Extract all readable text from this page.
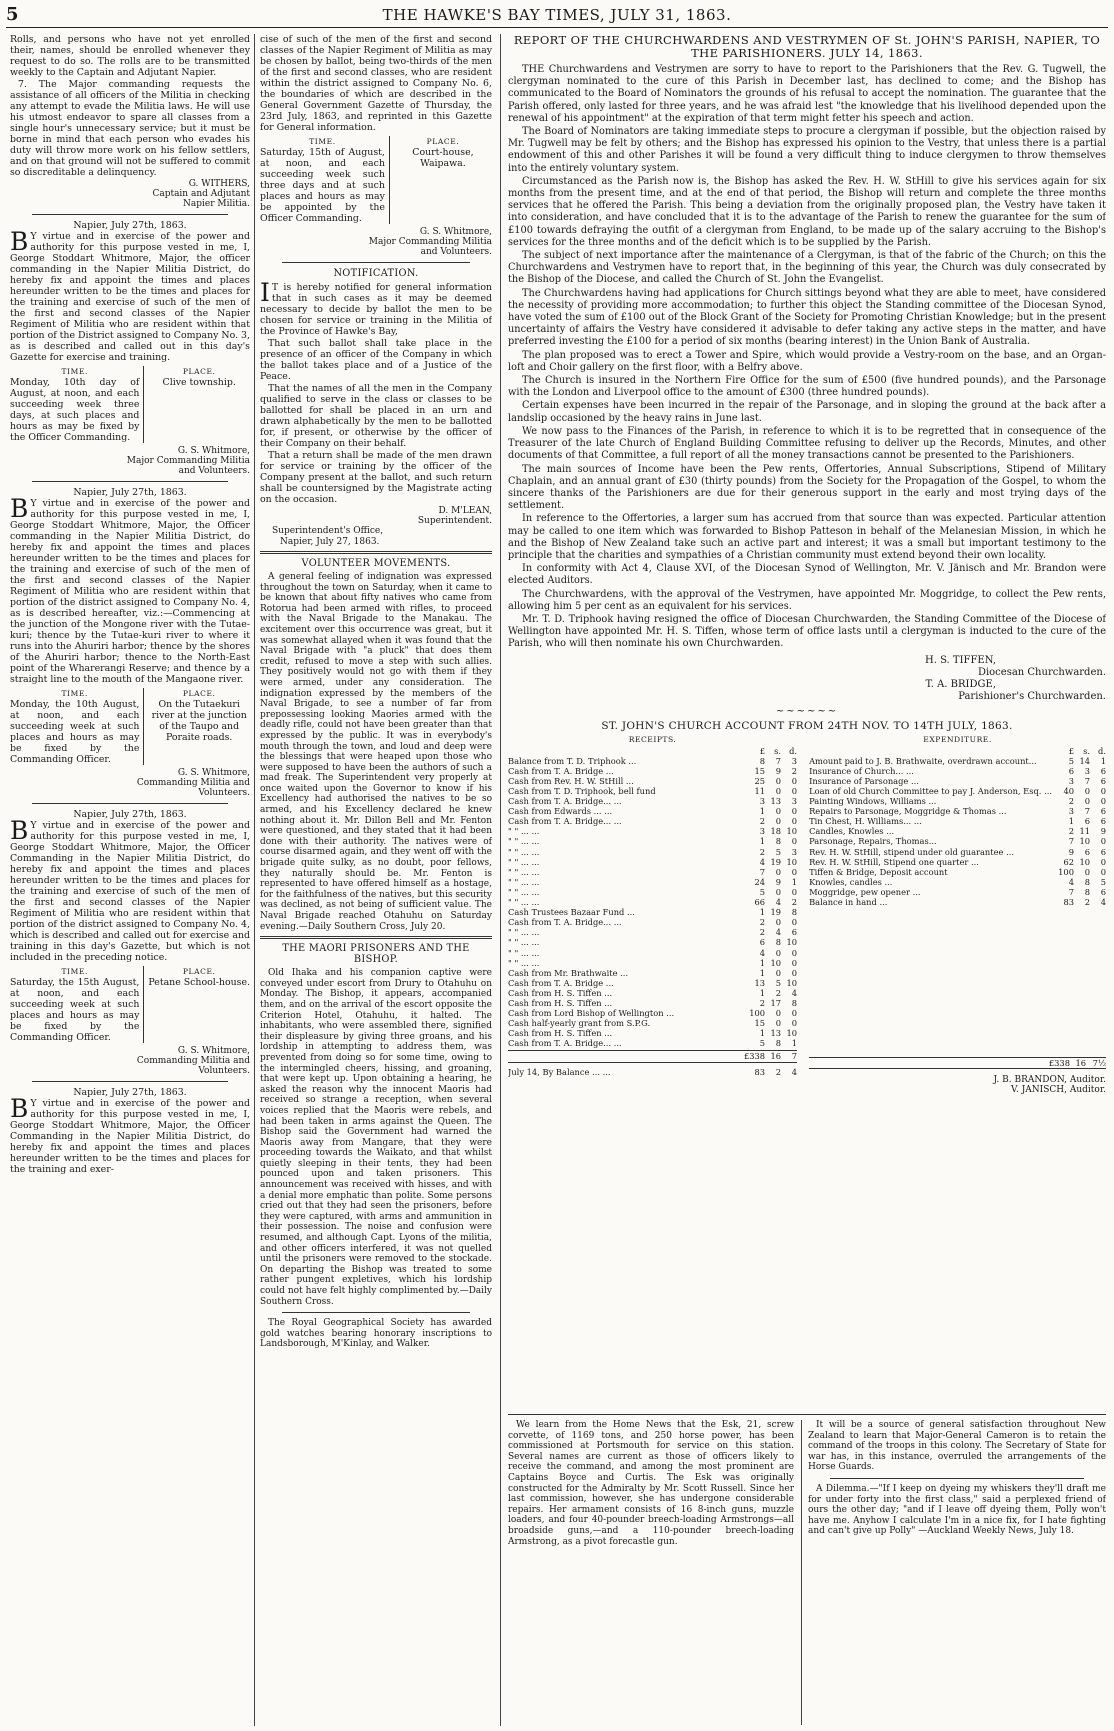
5	THE HAWKE'S BAY TIMES, JULY 31, 1863.

Rolls, and persons who have not yet enrolled their, names, should be enrolled whenever they request to do so. The rolls are to be transmitted weekly to the Captain and Adjutant Napier.

7. The Major commanding requests the assistance of all officers of the Militia in checking any attempt to evade the Militia laws. He will use his utmost endeavor to spare all classes from a single hour's unnecessary service; but it must be borne in mind that each person who evades his duty will throw more work on his fellow settlers, and on that ground will not be suffered to commit so discreditable a delinquency.

G. WITHERS,
Captain and Adjutant
Napier Militia.
Napier, July 27th, 1863.

B Y virtue and in exercise of the power and authority for this purpose vested in me, I, George Stoddart Whitmore, Major, the officer commanding in the Napier Militia District, do hereby fix and appoint the times and places hereunder written to be the times and places for the training and exercise of such of the men of the first and second classes of the Napier Regiment of Militia who are resident within that portion of the District assigned to Company No. 3, as is described and called out in this day's Gazette for exercise and training.

TIME.
Monday, 10th day of August, at noon, and each succeeding week three days, at such places and hours as may be fixed by the Officer Commanding.
PLACE.
Clive township.
G. S. Whitmore,
Major Commanding Militia
and Volunteers.
Napier, July 27th, 1863.

B Y virtue and in exercise of the power and authority for this purpose vested in me, I, George Stoddart Whitmore, Major, the Officer commanding in the Napier Militia District, do hereby fix and appoint the times and places hereunder written to be the times and places for the training and exercise of such of the men of the first and second classes of the Napier Regiment of Militia who are resident within that portion of the district assigned to Company No. 4, as is described hereafter, viz.:—Commencing at the junction of the Mongone river with the Tutae-kuri; thence by the Tutae-kuri river to where it runs into the Ahuriri harbor; thence by the shores of the Ahuriri harbor; thence to the North-East point of the Wharerangi Reserve; and thence by a straight line to the mouth of the Mangaone river.

TIME.
Monday, the 10th August, at noon, and each succeeding week at such places and hours as may be fixed by the Commanding Officer.
PLACE.
On the Tutaekuri river at the junction of the Taupo and Poraite roads.
G. S. Whitmore,
Commanding Militia and
Volunteers.
Napier, July 27th, 1863.

B Y virtue and in exercise of the power and authority for this purpose vested in me, I, George Stoddart Whitmore, Major, the Officer Commanding in the Napier Militia District, do hereby fix and appoint the times and places hereunder written to be the times and places for the training and exercise of such of the men of the first and second classes of the Napier Regiment of Militia who are resident within that portion of the district assigned to Company No. 4, which is described and called out for exercise and training in this day's Gazette, but which is not included in the preceding notice.

TIME.
Saturday, the 15th August, at noon, and each succeeding week at such places and hours as may be fixed by the Commanding Officer.
PLACE.
Petane School-house.
G. S. Whitmore,
Commanding Militia and
Volunteers.
Napier, July 27th, 1863.

B Y virtue and in exercise of the power and authority for this purpose vested in me, I, George Stoddart Whitmore, Major, the Officer Commanding in the Napier Militia District, do hereby fix and appoint the times and places hereunder written to be the times and places for the training and exer-

cise of such of the men of the first and second classes of the Napier Regiment of Militia as may be chosen by ballot, being two-thirds of the men of the first and second classes, who are resident within the district assigned to Company No. 6, the boundaries of which are described in the General Government Gazette of Thursday, the 23rd July, 1863, and reprinted in this Gazette for General information.

TIME.
Saturday, 15th of August, at noon, and each succeeding week such three days and at such places and hours as may be appointed by the Officer Commanding.
PLACE.
Court-house, Waipawa.
G. S. Whitmore,
Major Commanding Militia
and Volunteers.
NOTIFICATION.

I T is hereby notified for general information that in such cases as it may be deemed necessary to decide by ballot the men to be chosen for service or training in the Militia of the Province of Hawke's Bay,

That such ballot shall take place in the presence of an officer of the Company in which the ballot takes place and of a Justice of the Peace.

That the names of all the men in the Company qualified to serve in the class or classes to be ballotted for shall be placed in an urn and drawn alphabetically by the men to be ballotted for, if present, or otherwise by the officer of their Company on their behalf.

That a return shall be made of the men drawn for service or training by the officer of the Company present at the ballot, and such return shall be countersigned by the Magistrate acting on the occasion.

D. M'LEAN,
Superintendent.
Superintendent's Office,
Napier, July 27, 1863.
VOLUNTEER MOVEMENTS.

A general feeling of indignation was expressed throughout the town on Saturday, when it came to be known that about fifty natives who came from Rotorua had been armed with rifles, to proceed with the Naval Brigade to the Manakau. The excitement over this occurrence was great, but it was somewhat allayed when it was found that the Naval Brigade with "a pluck" that does them credit, refused to move a step with such allies. They positively would not go with them if they were armed, under any consideration. The indignation expressed by the members of the Naval Brigade, to see a number of far from prepossessing looking Maories armed with the deadly rifle, could not have been greater than that expressed by the public. It was in everybody's mouth through the town, and loud and deep were the blessings that were heaped upon those who were supposed to have been the authors of such a mad freak. The Superintendent very properly at once waited upon the Governor to know if his Excellency had authorised the natives to be so armed, and his Excellency declared he knew nothing about it. Mr. Dillon Bell and Mr. Fenton were questioned, and they stated that it had been done with their authority. The natives were of course disarmed again, and they went off with the brigade quite sulky, as no doubt, poor fellows, they naturally should be. Mr. Fenton is represented to have offered himself as a hostage, for the faithfulness of the natives, but this security was declined, as not being of sufficient value. The Naval Brigade reached Otahuhu on Saturday evening.—Daily Southern Cross, July 20.

THE MAORI PRISONERS AND THE BISHOP.

Old Ihaka and his companion captive were conveyed under escort from Drury to Otahuhu on Monday. The Bishop, it appears, accompanied them, and on the arrival of the escort opposite the Criterion Hotel, Otahuhu, it halted. The inhabitants, who were assembled there, signified their displeasure by giving three groans, and his lordship in attempting to address them, was prevented from doing so for some time, owing to the intermingled cheers, hissing, and groaning, that were kept up. Upon obtaining a hearing, he asked the reason why the innocent Maoris had received so strange a reception, when several voices replied that the Maoris were rebels, and had been taken in arms against the Queen. The Bishop said the Government had warned the Maoris away from Mangare, that they were proceeding towards the Waikato, and that whilst quietly sleeping in their tents, they had been pounced upon and taken prisoners. This announcement was received with hisses, and with a denial more emphatic than polite. Some persons cried out that they had seen the prisoners, before they were captured, with arms and ammunition in their possession. The noise and confusion were resumed, and although Capt. Lyons of the militia, and other officers interfered, it was not quelled until the prisoners were removed to the stockade. On departing the Bishop was treated to some rather pungent expletives, which his lordship could not have felt highly complimented by.—Daily Southern Cross.

The Royal Geographical Society has awarded gold watches bearing honorary inscriptions to Landsborough, M'Kinlay, and Walker.

REPORT OF THE CHURCHWARDENS AND VESTRYMEN OF St. JOHN'S PARISH, NAPIER, TO THE PARISHIONERS. JULY 14, 1863.

THE Churchwardens and Vestrymen are sorry to have to report to the Parishioners that the Rev. G. Tugwell, the clergyman nominated to the cure of this Parish in December last, has declined to come; and the Bishop has communicated to the Board of Nominators the grounds of his refusal to accept the nomination. The guarantee that the Parish offered, only lasted for three years, and he was afraid lest "the knowledge that his livelihood depended upon the renewal of his appointment" at the expiration of that term might fetter his speech and action.

The Board of Nominators are taking immediate steps to procure a clergyman if possible, but the objection raised by Mr. Tugwell may be felt by others; and the Bishop has expressed his opinion to the Vestry, that unless there is a partial endowment of this and other Parishes it will be found a very difficult thing to induce clergymen to throw themselves into the entirely voluntary system.

Circumstanced as the Parish now is, the Bishop has asked the Rev. H. W. StHill to give his services again for six months from the present time, and at the end of that period, the Bishop will return and complete the three months services that he offered the Parish. This being a deviation from the originally proposed plan, the Vestry have taken it into consideration, and have concluded that it is to the advantage of the Parish to renew the guarantee for the sum of £100 towards defraying the outfit of a clergyman from England, to be made up of the salary accruing to the Bishop's services for the three months and of the deficit which is to be supplied by the Parish.

The subject of next importance after the maintenance of a Clergyman, is that of the fabric of the Church; on this the Churchwardens and Vestrymen have to report that, in the beginning of this year, the Church was duly consecrated by the Bishop of the Diocese, and called the Church of St. John the Evangelist.

The Churchwardens having had applications for Church sittings beyond what they are able to meet, have considered the necessity of providing more accommodation; to further this object the Standing committee of the Diocesan Synod, have voted the sum of £100 out of the Block Grant of the Society for Promoting Christian Knowledge; but in the present uncertainty of affairs the Vestry have considered it advisable to defer taking any active steps in the matter, and have preferred investing the £100 for a period of six months (bearing interest) in the Union Bank of Australia.

The plan proposed was to erect a Tower and Spire, which would provide a Vestry-room on the base, and an Organ-loft and Choir gallery on the first floor, with a Belfry above.

The Church is insured in the Northern Fire Office for the sum of £500 (five hundred pounds), and the Parsonage with the London and Liverpool office to the amount of £300 (three hundred pounds).

Certain expenses have been incurred in the repair of the Parsonage, and in sloping the ground at the back after a landslip occasioned by the heavy rains in June last.

We now pass to the Finances of the Parish, in reference to which it is to be regretted that in consequence of the Treasurer of the late Church of England Building Committee refusing to deliver up the Records, Minutes, and other documents of that Committee, a full report of all the money transactions cannot be presented to the Parishioners.

The main sources of Income have been the Pew rents, Offertories, Annual Subscriptions, Stipend of Military Chaplain, and an annual grant of £30 (thirty pounds) from the Society for the Propagation of the Gospel, to whom the sincere thanks of the Parishioners are due for their generous support in the early and most trying days of the settlement.

In reference to the Offertories, a larger sum has accrued from that source than was expected. Particular attention may be called to one item which was forwarded to Bishop Patteson in behalf of the Melanesian Mission, in which he and the Bishop of New Zealand take such an active part and interest; it was a small but important testimony to the principle that the charities and sympathies of a Christian community must extend beyond their own locality.

In conformity with Act 4, Clause XVI, of the Diocesan Synod of Wellington, Mr. V. Jänisch and Mr. Brandon were elected Auditors.

The Churchwardens, with the approval of the Vestrymen, have appointed Mr. Moggridge, to collect the Pew rents, allowing him 5 per cent as an equivalent for his services.

Mr. T. D. Triphook having resigned the office of Diocesan Churchwarden, the Standing Committee of the Diocese of Wellington have appointed Mr. H. S. Tiffen, whose term of office lasts until a clergyman is inducted to the cure of the Parish, who will then nominate his own Churchwarden.

H. S. TIFFEN,
Diocesan Churchwarden.
T. A. BRIDGE,
Parishioner's Churchwarden.
~~~~~~
ST. JOHN'S CHURCH ACCOUNT FROM 24TH NOV. TO 14TH JULY, 1863.
RECEIPTS.
£	s. d.
Balance from T. D. Triphook ...	8	7	3
Cash from T. A. Bridge ...	15	9	2
Cash from Rev. H. W. StHill ...	25	0	0
Cash from T. D. Triphook, bell fund	11	0	0
Cash from T. A. Bridge... ...	3 13	3
Cash from Edwards ... ...	1	0	0
Cash from T. A. Bridge... ...	2	0	0
" " ... ...	3 18 10
" " ... ...	1	8	0
" " ... ...	2	5	3
" " ... ...	4 19 10
" " ... ...	7	0	0
" " ... ...	24	9	1
" " ... ...	5	0	0
" " ... ...	66	4	2
Cash Trustees Bazaar Fund ...	1 19	8
Cash from T. A. Bridge... ...	2	0	0
" " ... ...	2	4	6
" " ... ...	6	8 10
" " ... ...	4	0	0
" " ... ...	1 10	0
Cash from Mr. Brathwaite ...	1	0	0
Cash from T. A. Bridge ...	13	5 10
Cash from H. S. Tiffen ...	1	2	4
Cash from H. S. Tiffen ...	2 17	8
Cash from Lord Bishop of Wellington ...	100	0	0
Cash half-yearly grant from S.P.G.	15	0	0
Cash from H. S. Tiffen ...	1 13 10
Cash from T. A. Bridge... ...	5	8	1
£338 16	7
July 14, By Balance ... ...	83	2	4
EXPENDITURE.
£	s. d.
Amount paid to J. B. Brathwaite, overdrawn account...	5 14	1
Insurance of Church... ...	6	3	6
Insurance of Parsonage ...	3	7	6
Loan of old Church Committee to pay J. Anderson, Esq. ...	40	0	0
Painting Windows, Williams ...	2	0	0
Repairs to Parsonage, Moggridge & Thomas ...	3	7	6
Tin Chest, H. Williams... ...	1	6	6
Candles, Knowles ...	2 11	9
Parsonage, Repairs, Thomas...	7 10	0
Rev. H. W. StHill, stipend under old guarantee ...	9	6	6
Rev. H. W. StHill, Stipend one quarter ...	62 10	0
Tiffen & Bridge, Deposit account	100	0	0
Knowles, candles ...	4	8	5
Moggridge, pew opener ...	7	8	6
Balance in hand ...	83	2	4
£338 16 7½
J. B. BRANDON, Auditor.
V. JANISCH, Auditor.

We learn from the Home News that the Esk, 21, screw corvette, of 1169 tons, and 250 horse power, has been commissioned at Portsmouth for service on this station. Several names are current as those of officers likely to receive the command, and among the most prominent are Captains Boyce and Curtis. The Esk was originally constructed for the Admiralty by Mr. Scott Russell. Since her last commission, however, she has undergone considerable repairs. Her armament consists of 16 8-inch guns, muzzle loaders, and four 40-pounder breech-loading Armstrongs—all broadside guns,—and a 110-pounder breech-loading Armstrong, as a pivot forecastle gun.

It will be a source of general satisfaction throughout New Zealand to learn that Major-General Cameron is to retain the command of the troops in this colony. The Secretary of State for war has, in this instance, overruled the arrangements of the Horse Guards.

A Dilemma.—"If I keep on dyeing my whiskers they'll draft me for under forty into the first class," said a perplexed friend of ours the other day; "and if I leave off dyeing them, Polly won't have me. Anyhow I calculate I'm in a nice fix, for I hate fighting and can't give up Polly" —Auckland Weekly News, July 18.
